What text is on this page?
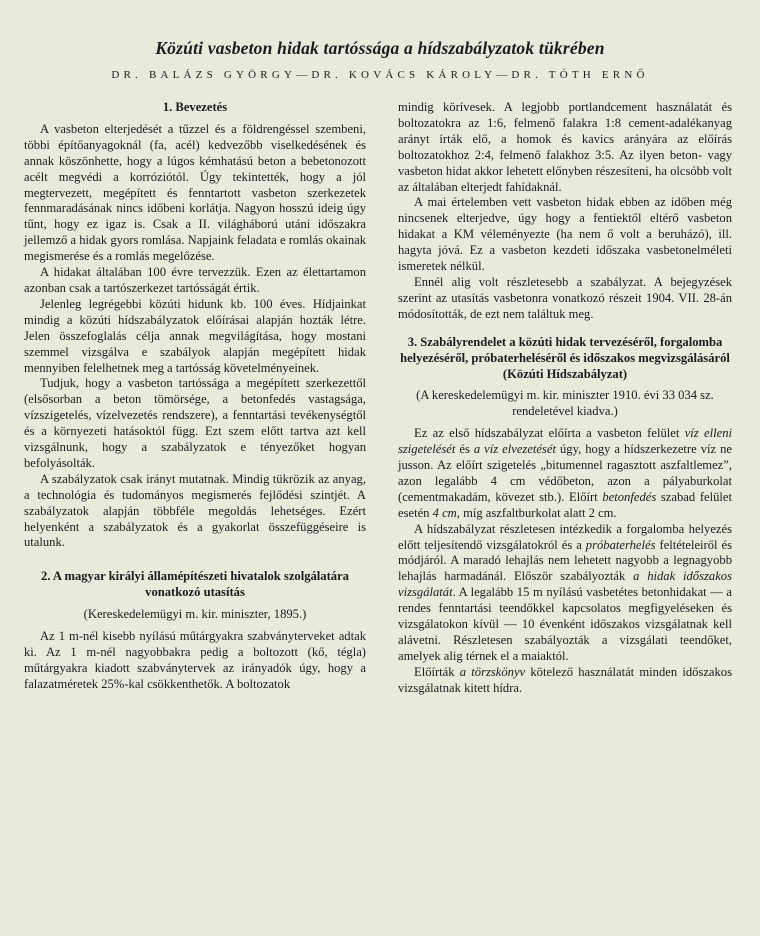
Közúti vasbeton hidak tartóssága a hídszabályzatok tükrében
DR. BALÁZS GYÖRGY—DR. KOVÁCS KÁROLY—DR. TÓTH ERNŐ
1. Bevezetés

A vasbeton elterjedését a tűzzel és a földrengéssel szembeni, többi építőanyagoknál (fa, acél) kedvezőbb viselkedésének és annak köszönhette, hogy a lúgos kémhatású beton a bebetonozott acélt megvédi a korróziótól. Úgy tekintették, hogy a jól megtervezett, megépített és fenntartott vasbeton szerkezetek fennmaradásának nincs időbeni korlátja. Nagyon hosszú ideig úgy tűnt, hogy ez igaz is. Csak a II. világháború utáni időszakra jellemző a hidak gyors romlása. Napjaink feladata e romlás okainak megismerése és a romlás megelőzése.

A hidakat általában 100 évre tervezzük. Ezen az élettartamon azonban csak a tartószerkezet tartósságát értik.

Jelenleg legrégebbi közúti hidunk kb. 100 éves. Hídjainkat mindig a közúti hídszabályzatok előírásai alapján hozták létre. Jelen összefoglalás célja annak megvilágítása, hogy mostani szemmel vizsgálva e szabályok alapján megépített hidak mennyiben felelhetnek meg a tartósság követelményeinek.

Tudjuk, hogy a vasbeton tartóssága a megépített szerkezettől (elsősorban a beton tömörsége, a betonfedés vastagsága, vízszigetelés, vízelvezetés rendszere), a fenntartási tevékenységtől és a környezeti hatásoktól függ. Ezt szem előtt tartva azt kell vizsgálnunk, hogy a szabályzatok e tényezőket hogyan befolyásolták.

A szabályzatok csak irányt mutatnak. Mindig tükrözik az anyag, a technológia és tudományos megismerés fejlődési szintjét. A szabályzatok alapján többféle megoldás lehetséges. Ezért helyenként a szabályzatok és a gyakorlat összefüggéseire is utalunk.

2. A magyar királyi államépítészeti hivatalok szolgálatára vonatkozó utasítás

(Kereskedelemügyi m. kir. miniszter, 1895.)

Az 1 m-nél kisebb nyílású műtárgyakra szabványterveket adtak ki. Az 1 m-nél nagyobbakra pedig a boltozott (kő, tégla) műtárgyakra kiadott szabványtervek az irányadók úgy, hogy a falazatméretek 25%-kal csökkenthetők. A boltozatok

mindig körívesek. A legjobb portlandcement használatát és boltozatokra az 1:6, felmenő falakra 1:8 cement-adalékanyag arányt írták elő, a homok és kavics arányára az előírás boltozatokhoz 2:4, felmenő falakhoz 3:5. Az ilyen beton- vagy vasbeton hidat akkor lehetett előnyben részesíteni, ha olcsóbb volt az általában elterjedt fahídaknál.

A mai értelemben vett vasbeton hidak ebben az időben még nincsenek elterjedve, úgy hogy a fentiektől eltérő vasbeton hidakat a KM véleményezte (ha nem ő volt a beruházó), ill. hagyta jóvá. Ez a vasbeton kezdeti időszaka vasbetonelméleti ismeretek nélkül.

Ennél alig volt részletesebb a szabályzat. A bejegyzések szerint az utasítás vasbetonra vonatkozó részeit 1904. VII. 28-án módosították, de ezt nem találtuk meg.

3. Szabályrendelet a közúti hidak tervezéséről, forgalomba helyezéséről, próbaterheléséről és időszakos megvizsgálásáról (Közúti Hídszabályzat)

(A kereskedelemügyi m. kir. miniszter 1910. évi 33 034 sz. rendeletével kiadva.)

Ez az első hídszabályzat előírta a vasbeton felület víz elleni szigetelését és a víz elvezetését úgy, hogy a hídszerkezetre víz ne jusson. Az előírt szigetelés „bitumennel ragasztott aszfaltlemez”, azon legalább 4 cm védőbeton, azon a pályaburkolat (cementmakadám, kövezet stb.). Előírt betonfedés szabad felület esetén 4 cm, míg aszfaltburkolat alatt 2 cm.

A hídszabályzat részletesen intézkedik a forgalomba helyezés előtt teljesítendő vizsgálatokról és a próbaterhelés feltételeiről és módjáról. A maradó lehajlás nem lehetett nagyobb a legnagyobb lehajlás harmadánál. Először szabályozták a hidak időszakos vizsgálatát. A legalább 15 m nyílású vasbetétes betonhidakat — a rendes fenntartási teendőkkel kapcsolatos megfigyeléseken és vizsgálatokon kívül — 10 évenként időszakos vizsgálatnak kell alávetni. Részletesen szabályozták a vizsgálati teendőket, amelyek alig térnek el a maiaktól.

Előírták a törzskönyv kötelező használatát minden időszakos vizsgálatnak kitett hídra.
